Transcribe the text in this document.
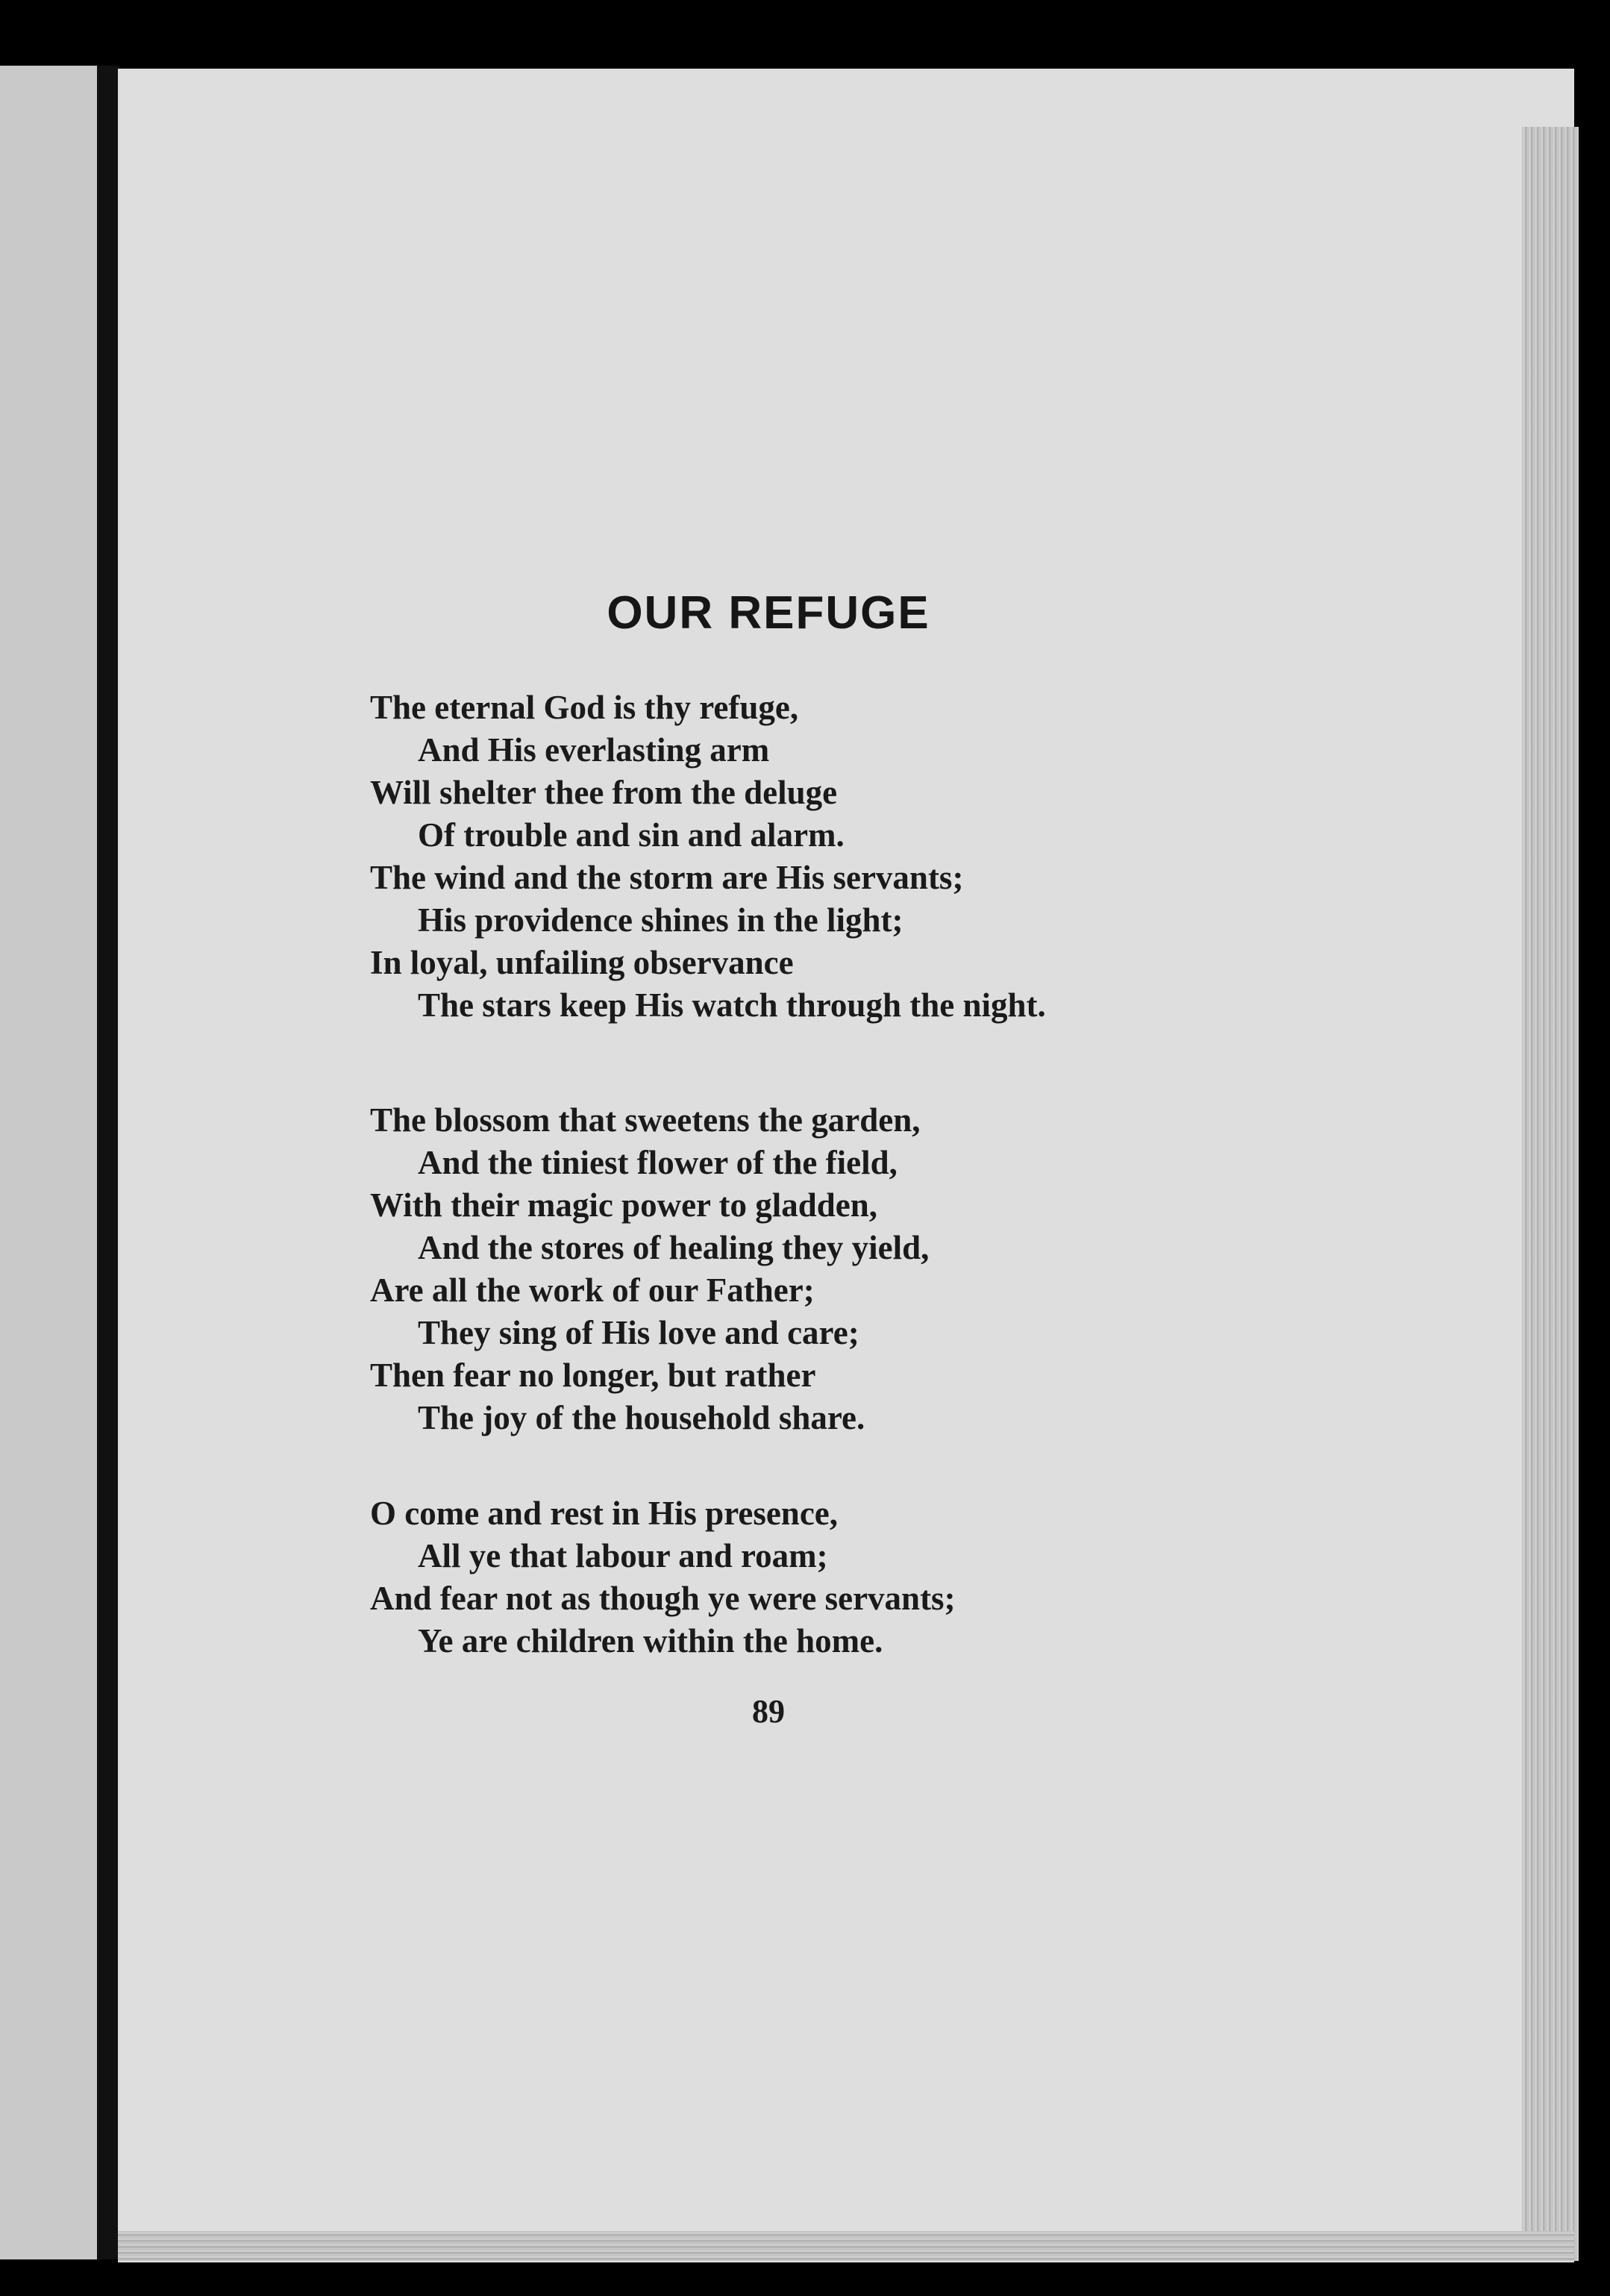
OUR REFUGE
The eternal God is thy refuge,
And His everlasting arm
Will shelter thee from the deluge
Of trouble and sin and alarm.
The wind and the storm are His servants;
His providence shines in the light;
In loyal, unfailing observance
The stars keep His watch through the night.
The blossom that sweetens the garden,
And the tiniest flower of the field,
With their magic power to gladden,
And the stores of healing they yield,
Are all the work of our Father;
They sing of His love and care;
Then fear no longer, but rather
The joy of the household share.
O come and rest in His presence,
All ye that labour and roam;
And fear not as though ye were servants;
Ye are children within the home.
89
